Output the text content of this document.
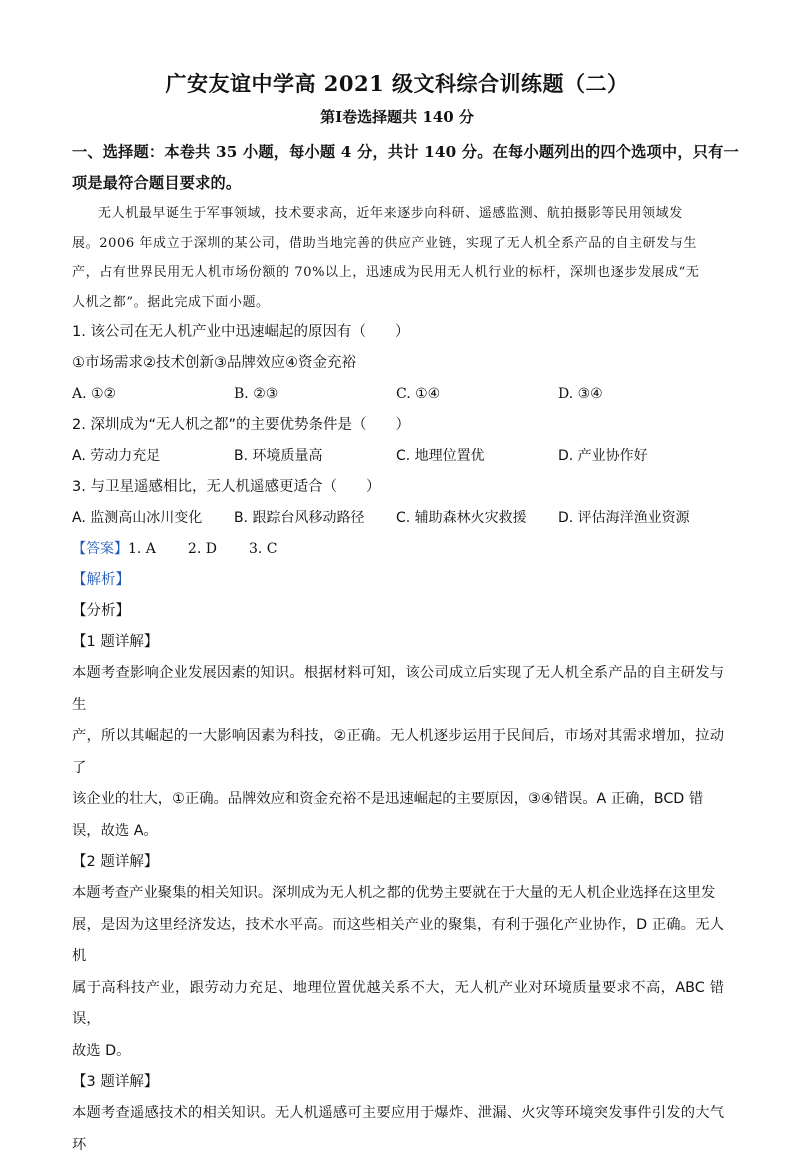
广安友谊中学高 2021 级文科综合训练题（二）
第Ⅰ卷选择题共 140 分
一、选择题：本卷共 35 小题，每小题 4 分，共计 140 分。在每小题列出的四个选项中，只有一
项是最符合题目要求的。
无人机最早诞生于军事领域，技术要求高，近年来逐步向科研、遥感监测、航拍摄影等民用领域发
展。2006 年成立于深圳的某公司，借助当地完善的供应产业链，实现了无人机全系产品的自主研发与生
产，占有世界民用无人机市场份额的 70%以上，迅速成为民用无人机行业的标杆，深圳也逐步发展成“无
人机之都”。据此完成下面小题。
1. 该公司在无人机产业中迅速崛起的原因有（　　）
①市场需求②技术创新③品牌效应④资金充裕
A. ①②	B. ②③	C. ①④	D. ③④
2. 深圳成为“无人机之都”的主要优势条件是（　　）
A. 劳动力充足	B. 环境质量高	C. 地理位置优	D. 产业协作好
3. 与卫星遥感相比，无人机遥感更适合（　　）
A. 监测高山冰川变化	B. 跟踪台风移动路径	C. 辅助森林火灾救援	D. 评估海洋渔业资源
【答案】1. A 2. D 3. C
【解析】
【分析】
【1 题详解】
本题考查影响企业发展因素的知识。根据材料可知，该公司成立后实现了无人机全系产品的自主研发与生
产，所以其崛起的一大影响因素为科技，②正确。无人机逐步运用于民间后，市场对其需求增加，拉动了
该企业的壮大，①正确。品牌效应和资金充裕不是迅速崛起的主要原因，③④错误。A 正确，BCD 错
误，故选 A。
【2 题详解】
本题考查产业聚集的相关知识。深圳成为无人机之都的优势主要就在于大量的无人机企业选择在这里发
展，是因为这里经济发达，技术水平高。而这些相关产业的聚集，有利于强化产业协作，D 正确。无人机
属于高科技产业，跟劳动力充足、地理位置优越关系不大，无人机产业对环境质量要求不高，ABC 错误，
故选 D。
【3 题详解】
本题考查遥感技术的相关知识。无人机遥感可主要应用于爆炸、泄漏、火灾等环境突发事件引发的大气环
